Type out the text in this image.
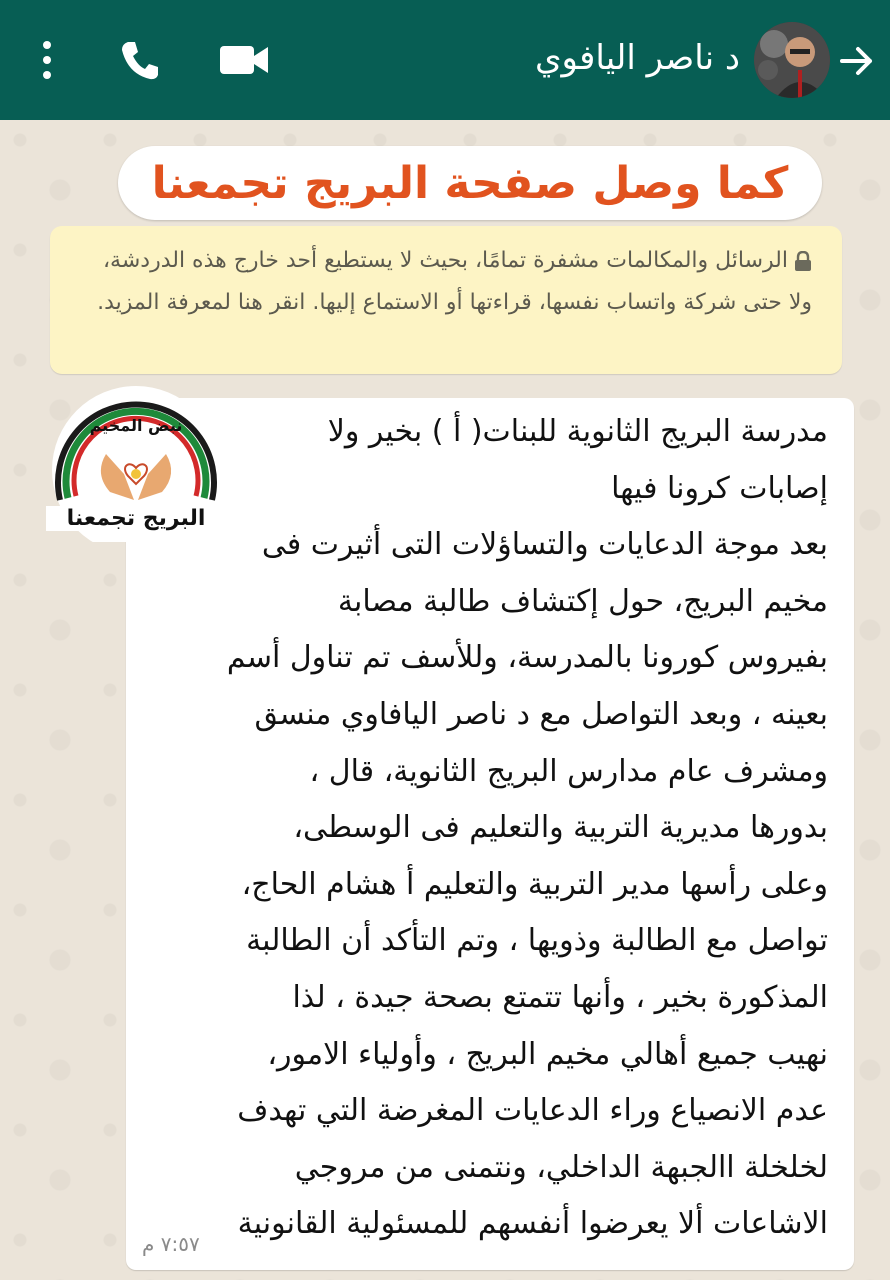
د ناصر اليافوي
كما وصل صفحة البريج تجمعنا
الرسائل والمكالمات مشفرة تمامًا، بحيث لا يستطيع أحد خارج هذه الدردشة، ولا حتى شركة واتساب نفسها، قراءتها أو الاستماع إليها. انقر هنا لمعرفة المزيد.
مدرسة البريج الثانوية للبنات( أ ) بخير ولا
إصابات كرونا فيها
بعد موجة الدعايات والتساؤلات التى أثيرت فى
مخيم البريج، حول إكتشاف طالبة مصابة
بفيروس كورونا بالمدرسة، وللأسف تم تناول أسم
بعينه ، وبعد التواصل مع د ناصر اليافاوي منسق
ومشرف عام مدارس البريج الثانوية، قال ،
بدورها مديرية التربية والتعليم فى الوسطى،
وعلى رأسها مدير التربية والتعليم أ هشام الحاج،
تواصل مع الطالبة وذويها ، وتم التأكد أن الطالبة
المذكورة بخير ، وأنها تتمتع بصحة جيدة ، لذا
نهيب جميع أهالي مخيم البريج ، وأولياء الامور،
عدم الانصياع وراء الدعايات المغرضة التي تهدف
لخلخلة االجبهة الداخلي، ونتمنى من مروجي
الاشاعات ألا يعرضوا أنفسهم للمسئولية القانونية
٧:٥٧ م
نبض المخيم
البريج تجمعنا
